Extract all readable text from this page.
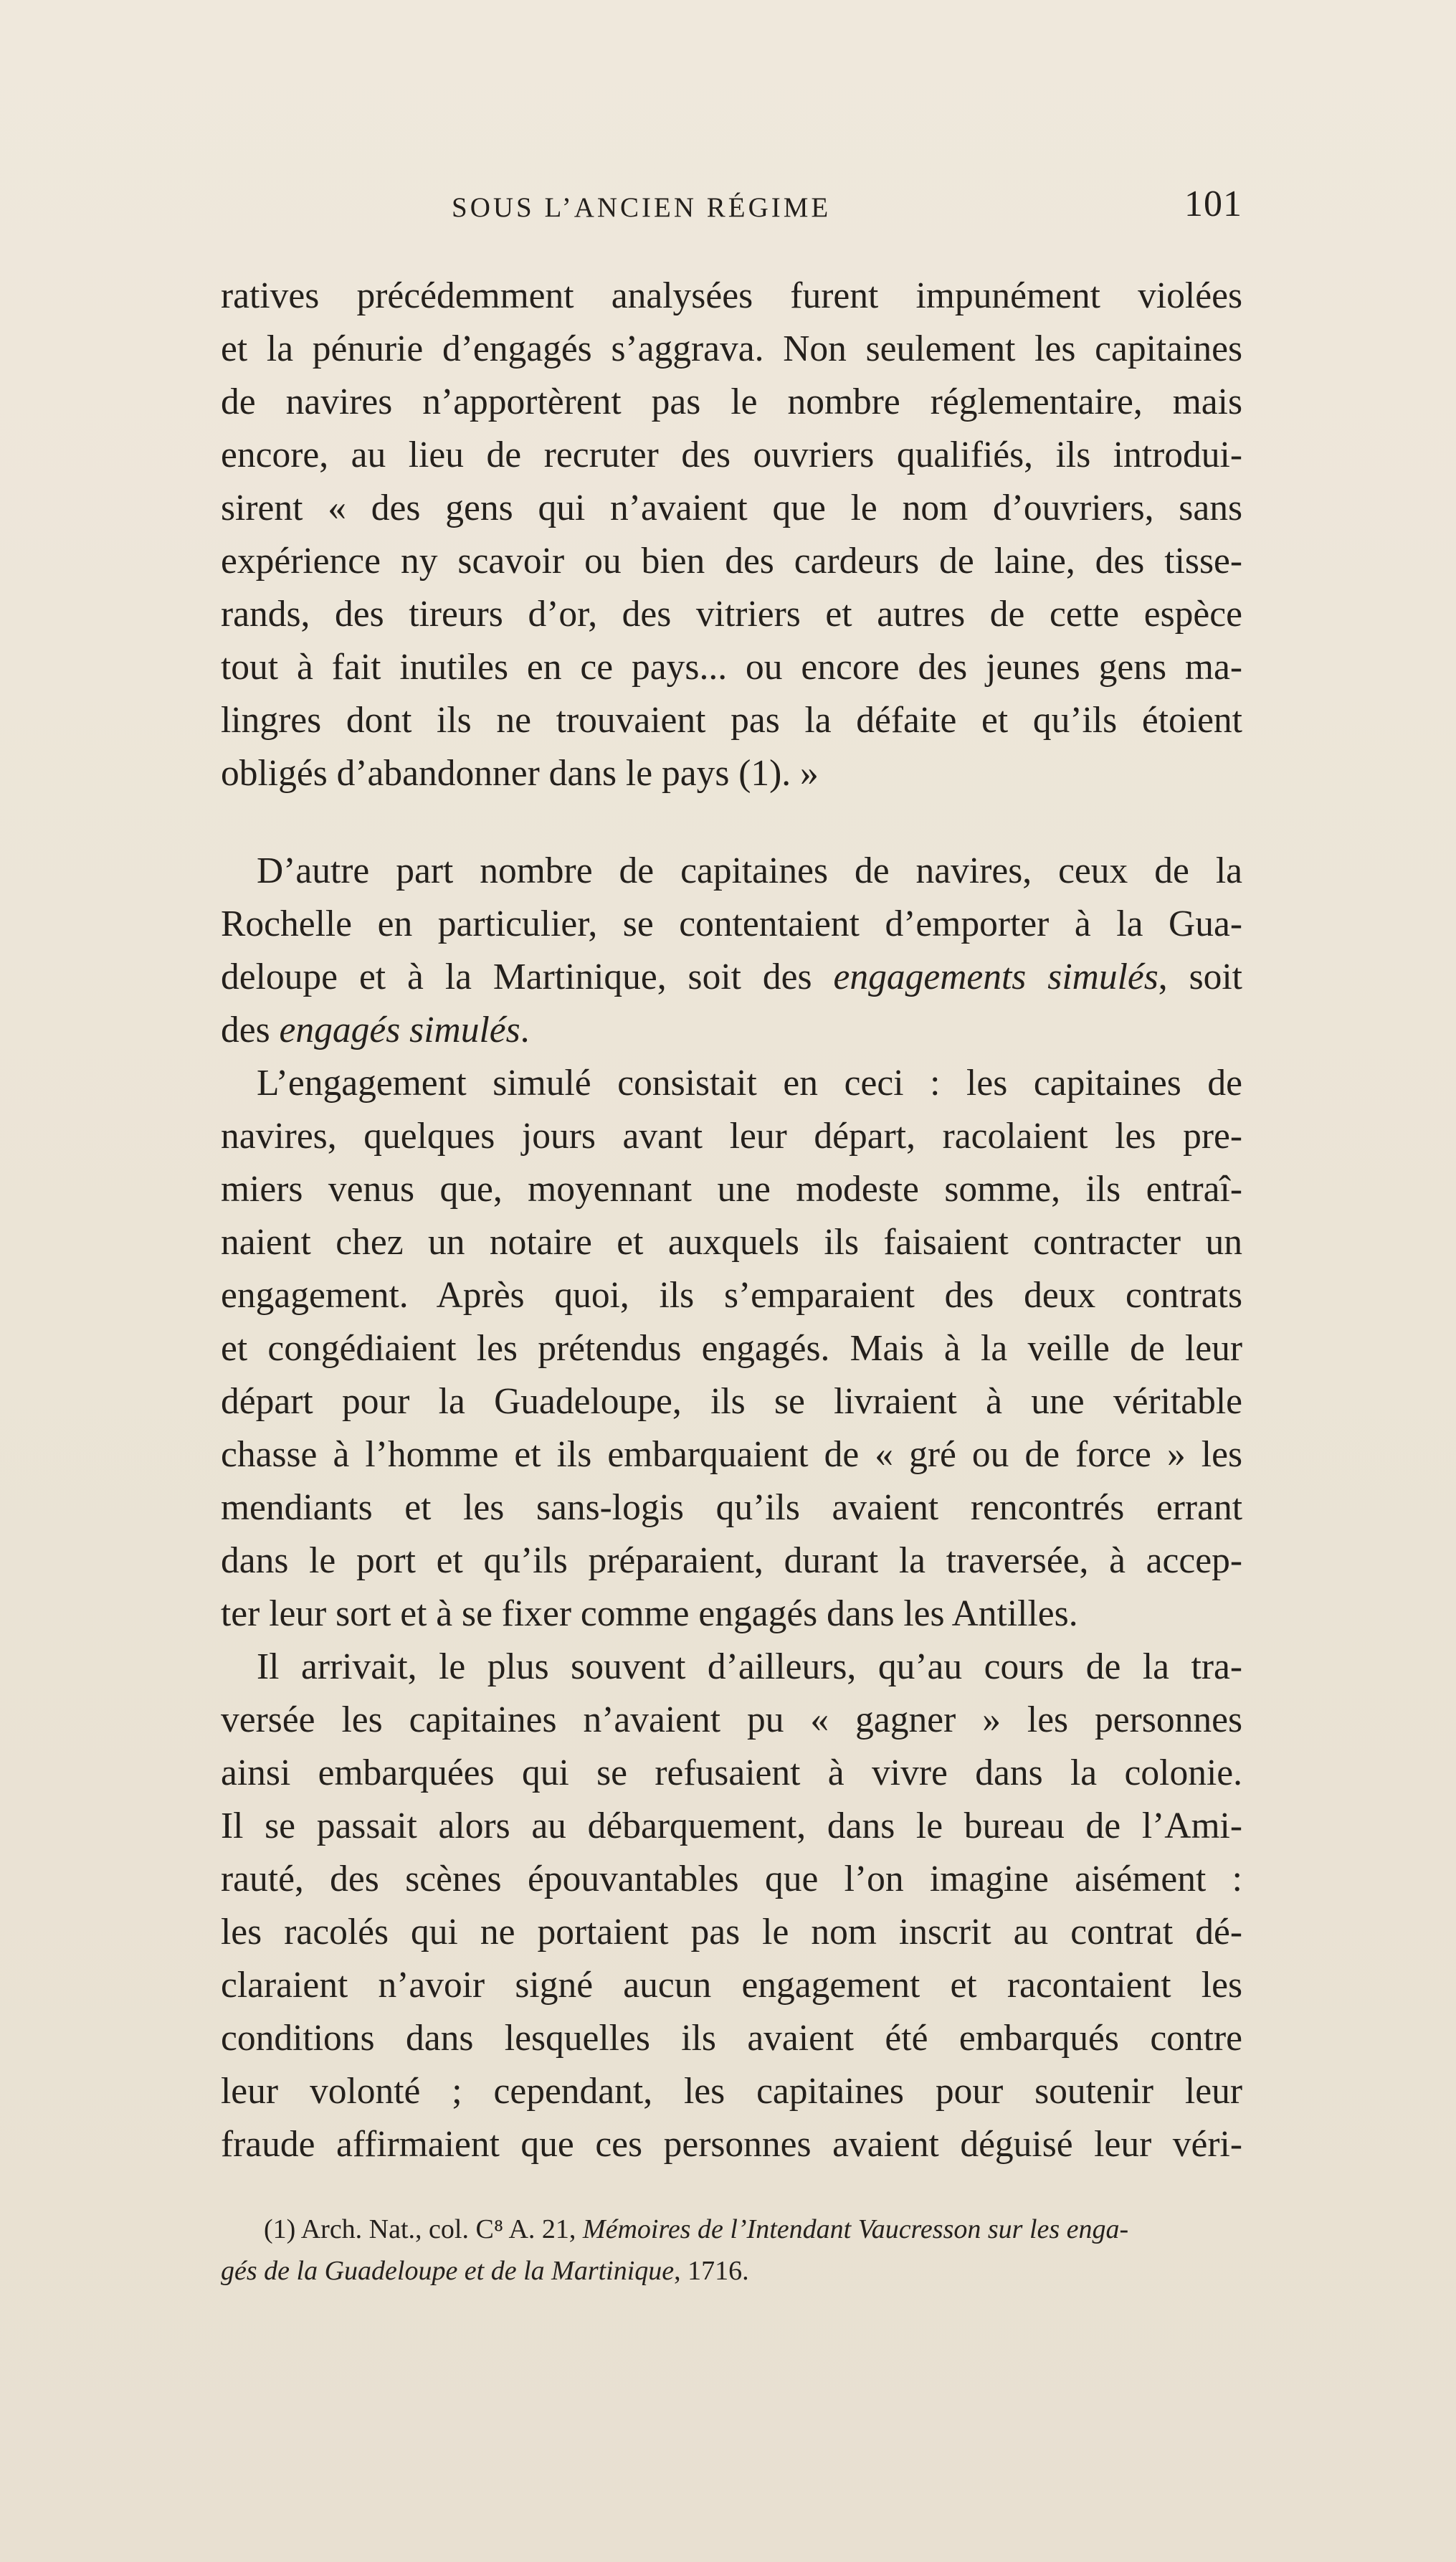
SOUS L’ANCIEN RÉGIME	101
ratives précédemment analysées furent impunément violées
et la pénurie d’engagés s’aggrava. Non seulement les capitaines
de navires n’apportèrent pas le nombre réglementaire, mais
encore, au lieu de recruter des ouvriers qualifiés, ils introdui-
sirent « des gens qui n’avaient que le nom d’ouvriers, sans
expérience ny scavoir ou bien des cardeurs de laine, des tisse-
rands, des tireurs d’or, des vitriers et autres de cette espèce
tout à fait inutiles en ce pays... ou encore des jeunes gens ma-
lingres dont ils ne trouvaient pas la défaite et qu’ils étoient
obligés d’abandonner dans le pays (1). »
D’autre part nombre de capitaines de navires, ceux de la
Rochelle en particulier, se contentaient d’emporter à la Gua-
deloupe et à la Martinique, soit des engagements simulés, soit
des engagés simulés.
L’engagement simulé consistait en ceci : les capitaines de
navires, quelques jours avant leur départ, racolaient les pre-
miers venus que, moyennant une modeste somme, ils entraî-
naient chez un notaire et auxquels ils faisaient contracter un
engagement. Après quoi, ils s’emparaient des deux contrats
et congédiaient les prétendus engagés. Mais à la veille de leur
départ pour la Guadeloupe, ils se livraient à une véritable
chasse à l’homme et ils embarquaient de « gré ou de force » les
mendiants et les sans-logis qu’ils avaient rencontrés errant
dans le port et qu’ils préparaient, durant la traversée, à accep-
ter leur sort et à se fixer comme engagés dans les Antilles.
Il arrivait, le plus souvent d’ailleurs, qu’au cours de la tra-
versée les capitaines n’avaient pu « gagner » les personnes
ainsi embarquées qui se refusaient à vivre dans la colonie.
Il se passait alors au débarquement, dans le bureau de l’Ami-
rauté, des scènes épouvantables que l’on imagine aisément :
les racolés qui ne portaient pas le nom inscrit au contrat dé-
claraient n’avoir signé aucun engagement et racontaient les
conditions dans lesquelles ils avaient été embarqués contre
leur volonté ; cependant, les capitaines pour soutenir leur
fraude affirmaient que ces personnes avaient déguisé leur véri-
(1) Arch. Nat., col. C⁸ A. 21, Mémoires de l’Intendant Vaucresson sur les enga-
gés de la Guadeloupe et de la Martinique, 1716.
